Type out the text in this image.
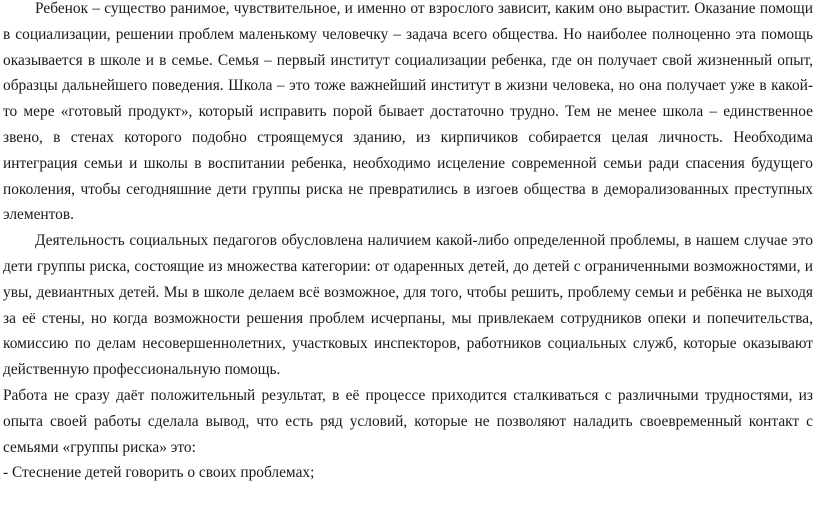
Ребенок – существо ранимое, чувствительное, и именно от взрослого зависит, каким оно вырастит. Оказание помощи в социализации, решении проблем маленькому человечку – задача всего общества. Но наиболее полноценно эта помощь оказывается в школе и в семье. Семья – первый институт социализации ребенка, где он получает свой жизненный опыт, образцы дальнейшего поведения. Школа – это тоже важнейший институт в жизни человека, но она получает уже в какой-то мере «готовый продукт», который исправить порой бывает достаточно трудно. Тем не менее школа – единственное звено, в стенах которого подобно строящемуся зданию, из кирпичиков собирается целая личность. Необходима интеграция семьи и школы в воспитании ребенка, необходимо исцеление современной семьи ради спасения будущего поколения, чтобы сегодняшние дети группы риска не превратились в изгоев общества в деморализованных преступных элементов.

Деятельность социальных педагогов обусловлена наличием какой-либо определенной проблемы, в нашем случае это дети группы риска, состоящие из множества категории: от одаренных детей, до детей с ограниченными возможностями, и увы, девиантных детей. Мы в школе делаем всё возможное, для того, чтобы решить, проблему семьи и ребёнка не выходя за её стены, но когда возможности решения проблем исчерпаны, мы привлекаем сотрудников опеки и попечительства, комиссию по делам несовершеннолетних, участковых инспекторов, работников социальных служб, которые оказывают действенную профессиональную помощь.

Работа не сразу даёт положительный результат, в её процессе приходится сталкиваться с различными трудностями, из опыта своей работы сделала вывод, что есть ряд условий, которые не позволяют наладить своевременный контакт с семьями «группы риска» это:

- Стеснение детей говорить о своих проблемах;
